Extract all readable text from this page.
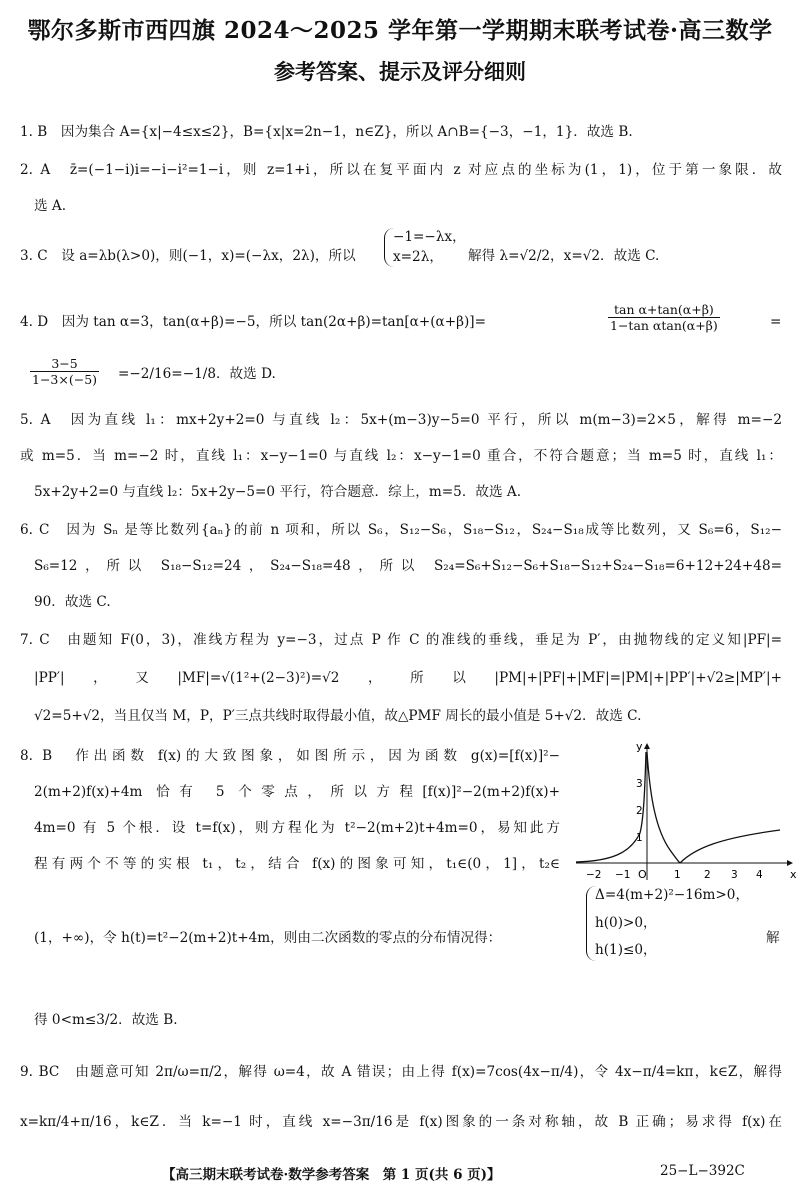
鄂尔多斯市西四旗 2024～2025 学年第一学期期末联考试卷·高三数学
参考答案、提示及评分细则
1. B　因为集合 A={x|−4≤x≤2}，B={x|x=2n−1，n∈Z}，所以 A∩B={−3，−1，1}．故选 B.
2. A　z̄=(−1−i)i=−i−i²=1−i，则 z=1+i，所以在复平面内 z 对应点的坐标为(1，1)，位于第一象限．故
选 A.
3. C　设 a=λb(λ>0)，则(−1，x)=(−λx，2λ)，所以
−1=−λx，
x=2λ，	解得 λ=√2/2，x=√2．故选 C.
4. D　因为 tan α=3，tan(α+β)=−5，所以 tan(2α+β)=tan[α+(α+β)]=	$\frac{\text{tan α+tan(α+β)}}{\text{1−tan αtan(α+β)}}$	=
$\frac{3-5}{1-3\times(-5)} =-2/16=-1/8$．故选 D.
5. A　因为直线 l₁：mx+2y+2=0 与直线 l₂：5x+(m−3)y−5=0 平行，所以 m(m−3)=2×5，解得 m=−2
或 m=5．当 m=−2 时，直线 l₁：x−y−1=0 与直线 l₂：x−y−1=0 重合，不符合题意；当 m=5 时，直线 l₁：
5x+2y+2=0 与直线 l₂：5x+2y−5=0 平行，符合题意．综上，m=5．故选 A.
6. C　因为 Sₙ 是等比数列{aₙ}的前 n 项和，所以 S₆，S₁₂−S₆，S₁₈−S₁₂，S₂₄−S₁₈成等比数列，又 S₆=6，S₁₂−
S₆=12，所以 S₁₈−S₁₂=24，S₂₄−S₁₈=48，所以 S₂₄=S₆+S₁₂−S₆+S₁₈−S₁₂+S₂₄−S₁₈=6+12+24+48=
90．故选 C.
7. C　由题知 F(0，3)，准线方程为 y=−3，过点 P 作 C 的准线的垂线，垂足为 P′，由抛物线的定义知|PF|=
|PP′|，又|MF|=√(1²+(2−3)²)=√2，所以|PM|+|PF|+|MF|=|PM|+|PP′|+√2≥|MP′|+
√2=5+√2，当且仅当 M，P，P′三点共线时取得最小值，故△PMF 周长的最小值是 5+√2．故选 C.
8. B　作出函数 f(x)的大致图象，如图所示，因为函数 g(x)=[f(x)]²−
2(m+2)f(x)+4m 恰有 5 个零点，所以方程[f(x)]²−2(m+2)f(x)+
4m=0 有 5 个根．设 t=f(x)，则方程化为 t²−2(m+2)t+4m=0，易知此方
程有两个不等的实根 t₁，t₂，结合 f(x)的图象可知，t₁∈(0，1]，t₂∈
(1，+∞)，令 h(t)=t²−2(m+2)t+4m，则由二次函数的零点的分布情况得：
Δ=4(m+2)²−16m>0，
h(0)>0，
h(1)≤0，
解
得 0<m≤3/2．故选 B.
y
x
O
−2 −1	1 2 3 4
1
2
3
9. BC　由题意可知 2π/ω=π/2，解得 ω=4，故 A 错误；由上得 f(x)=7cos(4x−π/4)，令 4x−π/4=kπ，k∈Z，解得
x=kπ/4+π/16，k∈Z．当 k=−1 时，直线 x=−3π/16是 f(x)图象的一条对称轴，故 B 正确；易求得 f(x)在
【高三期末联考试卷·数学参考答案　第 1 页(共 6 页)】	25−L−392C
